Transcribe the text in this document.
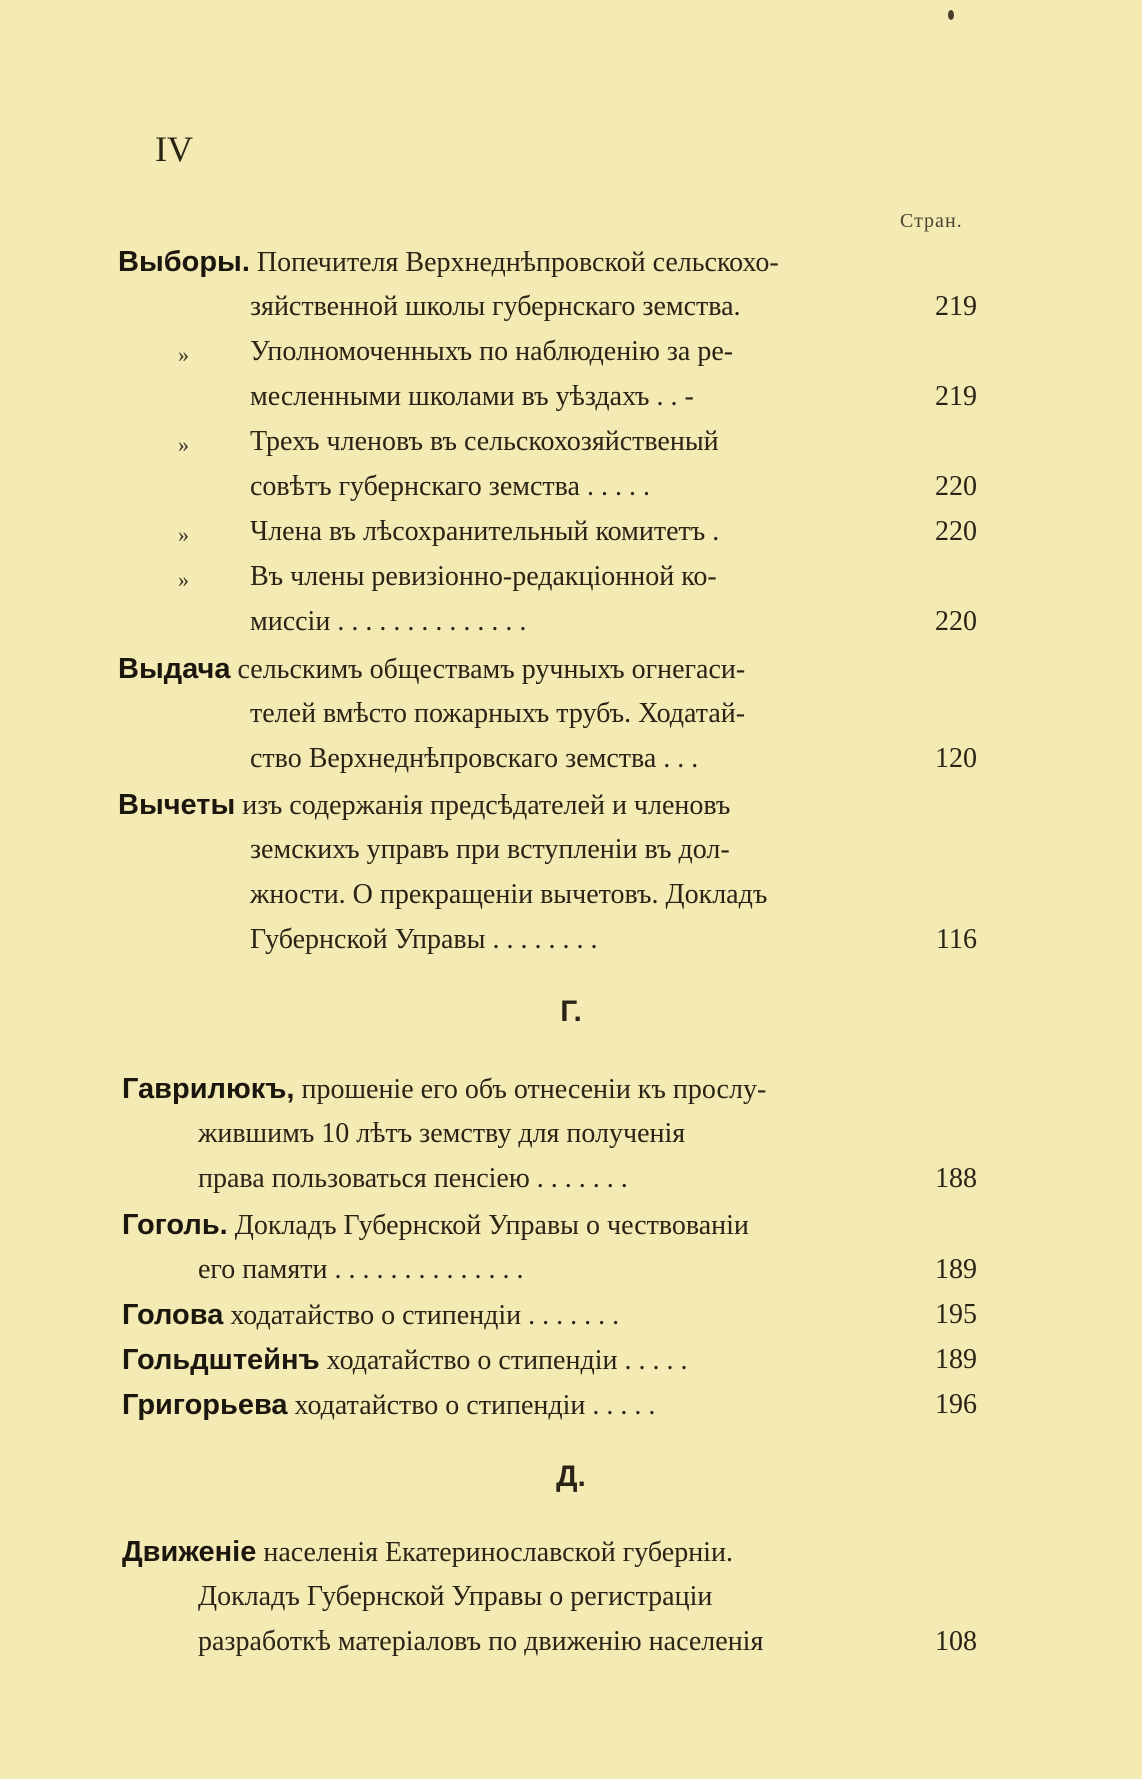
IV
Стран.
Выборы. Попечителя Верхнеднѣпровской сельскохо-
зяйственной школы губернскаго земства.	219
» Уполномоченныхъ по наблюденію за ре-
месленными школами въ уѣздахъ . . -	219
» Трехъ членовъ въ сельскохозяйственый
совѣтъ губернскаго земства . . . . .	220
» Члена въ лѣсохранительный комитетъ .	220
» Въ члены ревизіонно-редакціонной ко-
миссіи . . . . . . . . . . . . . .	220
Выдача сельскимъ обществамъ ручныхъ огнегаси-
телей вмѣсто пожарныхъ трубъ. Ходатай-
ство Верхнеднѣпровскаго земства . . .	120
Вычеты изъ содержанія предсѣдателей и членовъ
земскихъ управъ при вступленіи въ дол-
жности. О прекращеніи вычетовъ. Докладъ
Губернской Управы . . . . . . . .	116
Г.
Гаврилюкъ, прошеніе его объ отнесеніи къ прослу-
жившимъ 10 лѣтъ земству для полученія
права пользоваться пенсіею . . . . . . .	188
Гоголь. Докладъ Губернской Управы о чествованіи
его памяти . . . . . . . . . . . . . .	189
Голова ходатайство о стипендіи . . . . . . .	195
Гольдштейнъ ходатайство о стипендіи . . . . .	189
Григорьева ходатайство о стипендіи . . . . .	196
Д.
Движеніе населенія Екатеринославской губерніи.
Докладъ Губернской Управы о регистраціи
разработкѣ матеріаловъ по движенію населенія	108
